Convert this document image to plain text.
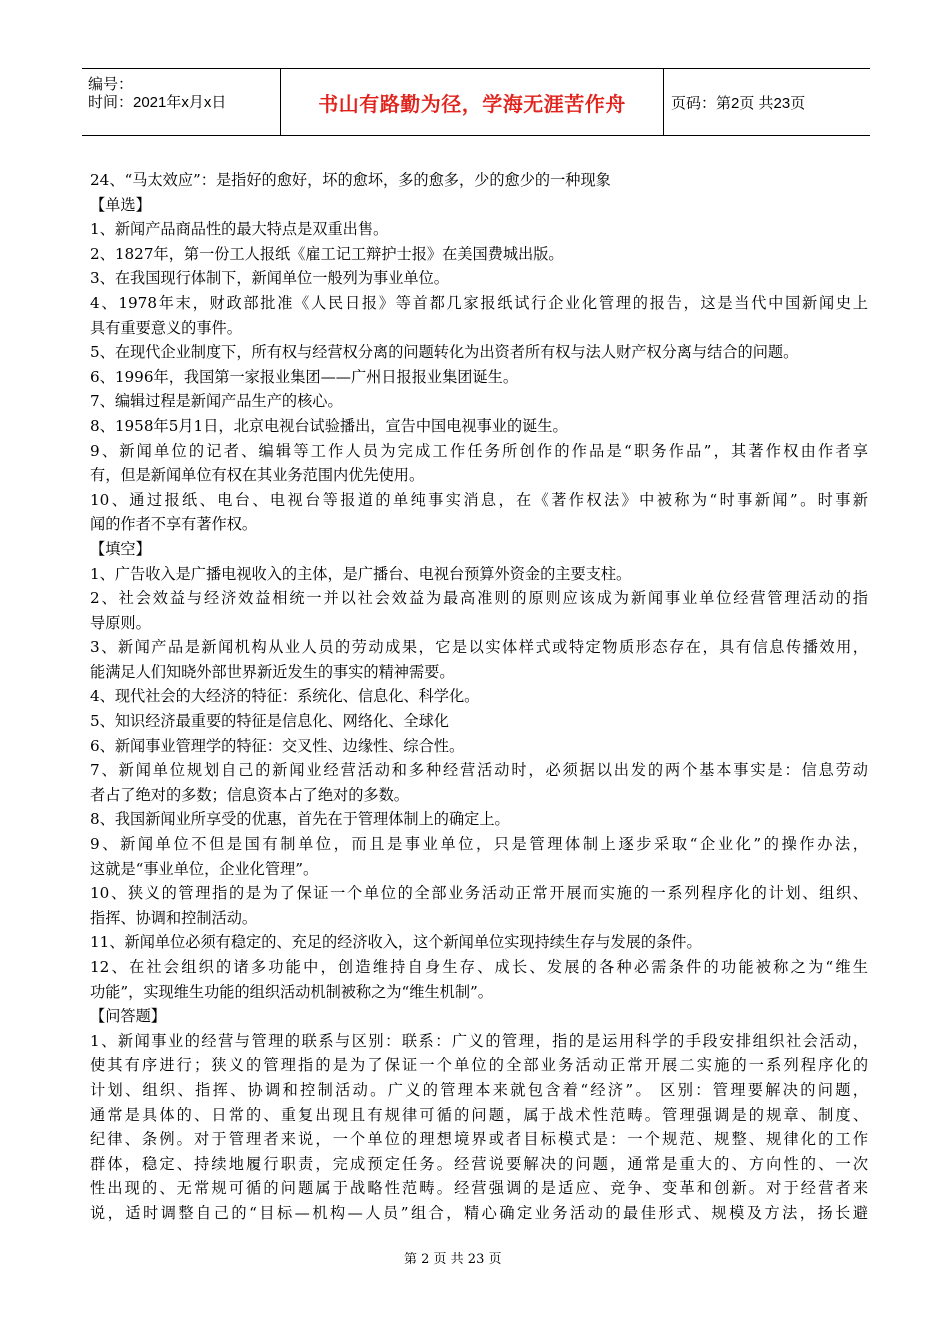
编号：
时间：2021年x月x日	书山有路勤为径，学海无涯苦作舟	页码：第2页 共23页

24、“马太效应”：是指好的愈好，坏的愈坏，多的愈多，少的愈少的一种现象

【单选】

1、新闻产品商品性的最大特点是双重出售。

2、1827年，第一份工人报纸《雇工记工辩护士报》在美国费城出版。

3、在我国现行体制下，新闻单位一般列为事业单位。

4、1978年末，财政部批准《人民日报》等首都几家报纸试行企业化管理的报告，这是当代中国新闻史上

具有重要意义的事件。

5、在现代企业制度下，所有权与经营权分离的问题转化为出资者所有权与法人财产权分离与结合的问题。

6、1996年，我国第一家报业集团——广州日报报业集团诞生。

7、编辑过程是新闻产品生产的核心。

8、1958年5月1日，北京电视台试验播出，宣告中国电视事业的诞生。

9、新闻单位的记者、编辑等工作人员为完成工作任务所创作的作品是“职务作品”，其著作权由作者享

有，但是新闻单位有权在其业务范围内优先使用。

10、通过报纸、电台、电视台等报道的单纯事实消息，在《著作权法》中被称为“时事新闻”。时事新

闻的作者不享有著作权。

【填空】

1、广告收入是广播电视收入的主体，是广播台、电视台预算外资金的主要支柱。

2、社会效益与经济效益相统一并以社会效益为最高准则的原则应该成为新闻事业单位经营管理活动的指

导原则。

3、新闻产品是新闻机构从业人员的劳动成果，它是以实体样式或特定物质形态存在，具有信息传播效用，

能满足人们知晓外部世界新近发生的事实的精神需要。

4、现代社会的大经济的特征：系统化、信息化、科学化。

5、知识经济最重要的特征是信息化、网络化、全球化

6、新闻事业管理学的特征：交叉性、边缘性、综合性。

7、新闻单位规划自己的新闻业经营活动和多种经营活动时，必须据以出发的两个基本事实是：信息劳动

者占了绝对的多数；信息资本占了绝对的多数。

8、我国新闻业所享受的优惠，首先在于管理体制上的确定上。

9、新闻单位不但是国有制单位，而且是事业单位，只是管理体制上逐步采取“企业化”的操作办法，

这就是“事业单位，企业化管理”。

10、狭义的管理指的是为了保证一个单位的全部业务活动正常开展而实施的一系列程序化的计划、组织、

指挥、协调和控制活动。

11、新闻单位必须有稳定的、充足的经济收入，这个新闻单位实现持续生存与发展的条件。

12、在社会组织的诸多功能中，创造维持自身生存、成长、发展的各种必需条件的功能被称之为“维生

功能”，实现维生功能的组织活动机制被称之为“维生机制”。

【问答题】

1、新闻事业的经营与管理的联系与区别：联系：广义的管理，指的是运用科学的手段安排组织社会活动，

使其有序进行；狭义的管理指的是为了保证一个单位的全部业务活动正常开展二实施的一系列程序化的

计划、组织、指挥、协调和控制活动。广义的管理本来就包含着“经济”。 区别：管理要解决的问题，

通常是具体的、日常的、重复出现且有规律可循的问题，属于战术性范畴。管理强调是的规章、制度、

纪律、条例。对于管理者来说，一个单位的理想境界或者目标模式是：一个规范、规整、规律化的工作

群体，稳定、持续地履行职责，完成预定任务。经营说要解决的问题，通常是重大的、方向性的、一次

性出现的、无常规可循的问题属于战略性范畴。经营强调的是适应、竞争、变革和创新。对于经营者来

说，适时调整自己的“目标—机构—人员”组合，精心确定业务活动的最佳形式、规模及方法，扬长避

第 2 页 共 23 页
